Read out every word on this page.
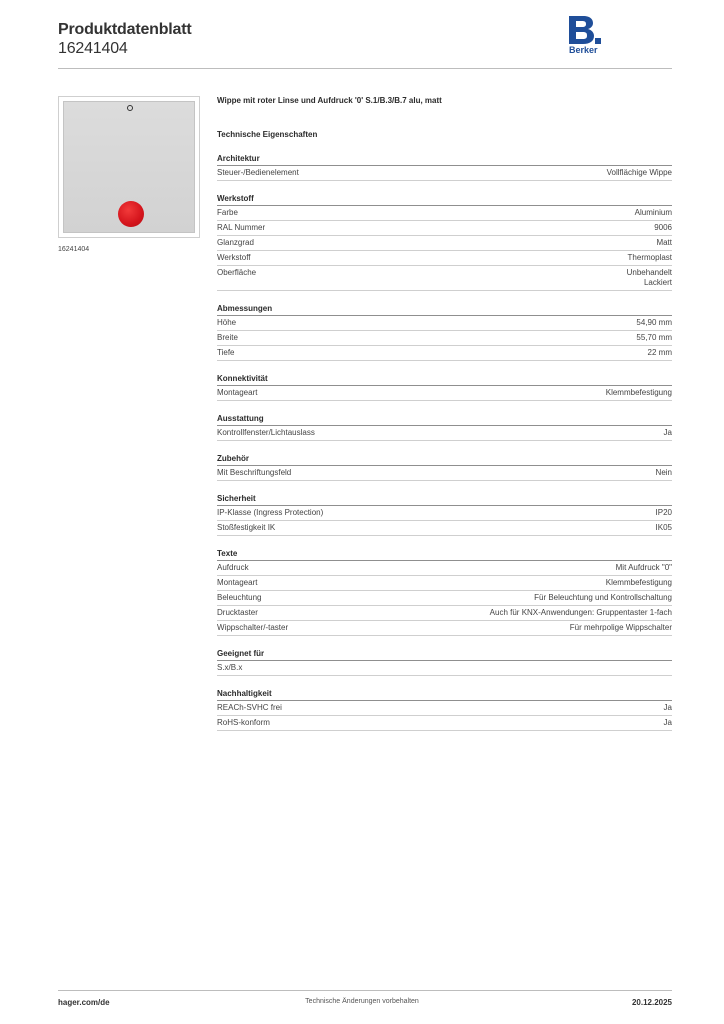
Produktdatenblatt
16241404	Berker
16241404
Wippe mit roter Linse und Aufdruck '0' S.1/B.3/B.7 alu, matt
Technische Eigenschaften
Architektur
Steuer-/Bedienelement	Vollflächige Wippe
Werkstoff
Farbe	Aluminium
RAL Nummer	9006
Glanzgrad	Matt
Werkstoff	Thermoplast
Oberfläche	Unbehandelt
Lackiert
Abmessungen
Höhe	54,90 mm
Breite	55,70 mm
Tiefe	22 mm
Konnektivität
Montageart	Klemmbefestigung
Ausstattung
Kontrollfenster/Lichtauslass	Ja
Zubehör
Mit Beschriftungsfeld	Nein
Sicherheit
IP-Klasse (Ingress Protection)	IP20
Stoßfestigkeit IK	IK05
Texte
Aufdruck	Mit Aufdruck "0"
Montageart	Klemmbefestigung
Beleuchtung	Für Beleuchtung und Kontrollschaltung
Drucktaster	Auch für KNX-Anwendungen: Gruppentaster 1-fach
Wippschalter/-taster	Für mehrpolige Wippschalter
Geeignet für
S.x/B.x
Nachhaltigkeit
REACh-SVHC frei	Ja
RoHS-konform	Ja
hager.com/de	Technische Änderungen vorbehalten	20.12.2025
